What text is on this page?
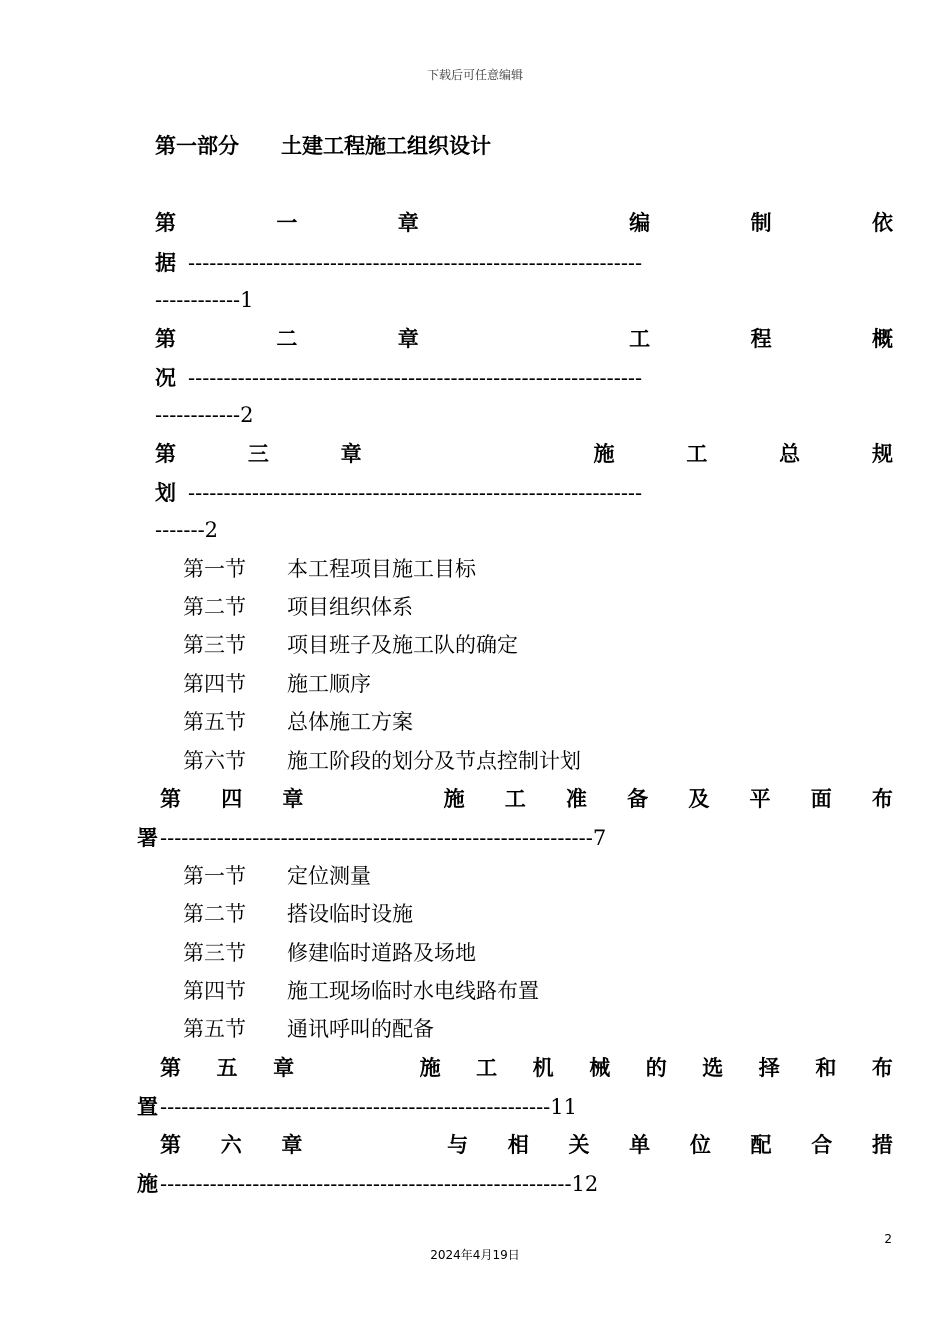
下载后可任意编辑
第一部分　　土建工程施工组织设计
第	一	章	编	制	依
据 ----------------------------------------------------------------
------------1
第	二	章	工	程	概
况 ----------------------------------------------------------------
------------2
第	三	章	施	工	总	规
划 ----------------------------------------------------------------
-------2
第一节 本工程项目施工目标
第二节 项目组织体系
第三节 项目班子及施工队的确定
第四节 施工顺序
第五节 总体施工方案
第六节 施工阶段的划分及节点控制计划
第	四	章	施	工	准	备	及	平	面	布
署 -------------------------------------------------------------7
第一节 定位测量
第二节 搭设临时设施
第三节 修建临时道路及场地
第四节 施工现场临时水电线路布置
第五节 通讯呼叫的配备
第	五	章	施	工	机	械	的	选	择	和	布
置 -------------------------------------------------------11
第	六	章	与	相	关	单	位	配	合	措
施 ----------------------------------------------------------12
2
2024年4月19日
